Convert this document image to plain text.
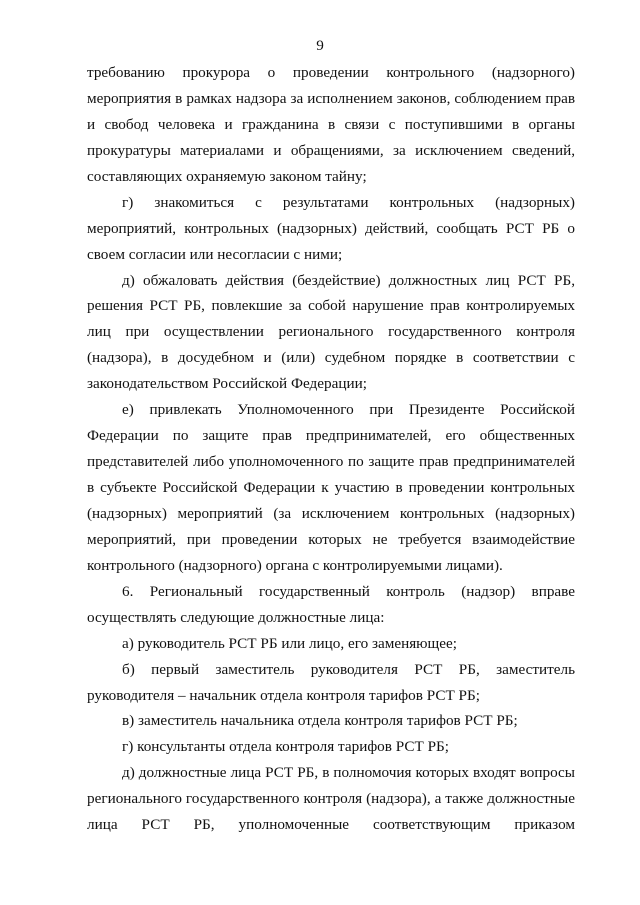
9
требованию прокурора о проведении контрольного (надзорного)
мероприятия в рамках надзора за исполнением законов, соблюдением прав
и свобод человека и гражданина в связи с поступившими в органы
прокуратуры материалами и обращениями, за исключением сведений,
составляющих охраняемую законом тайну;
г) знакомиться с результатами контрольных (надзорных)
мероприятий, контрольных (надзорных) действий, сообщать РСТ РБ о
своем согласии или несогласии с ними;
д) обжаловать действия (бездействие) должностных лиц РСТ РБ,
решения РСТ РБ, повлекшие за собой нарушение прав контролируемых
лиц при осуществлении регионального государственного контроля
(надзора), в досудебном и (или) судебном порядке в соответствии с
законодательством Российской Федерации;
е) привлекать Уполномоченного при Президенте Российской
Федерации по защите прав предпринимателей, его общественных
представителей либо уполномоченного по защите прав предпринимателей
в субъекте Российской Федерации к участию в проведении контрольных
(надзорных) мероприятий (за исключением контрольных (надзорных)
мероприятий, при проведении которых не требуется взаимодействие
контрольного (надзорного) органа с контролируемыми лицами).
6. Региональный государственный контроль (надзор) вправе
осуществлять следующие должностные лица:
а) руководитель РСТ РБ или лицо, его заменяющее;
б) первый заместитель руководителя РСТ РБ, заместитель
руководителя – начальник отдела контроля тарифов РСТ РБ;
в) заместитель начальника отдела контроля тарифов РСТ РБ;
г) консультанты отдела контроля тарифов РСТ РБ;
д) должностные лица РСТ РБ, в полномочия которых входят вопросы
регионального государственного контроля (надзора), а также должностные
лица РСТ РБ, уполномоченные соответствующим приказом
